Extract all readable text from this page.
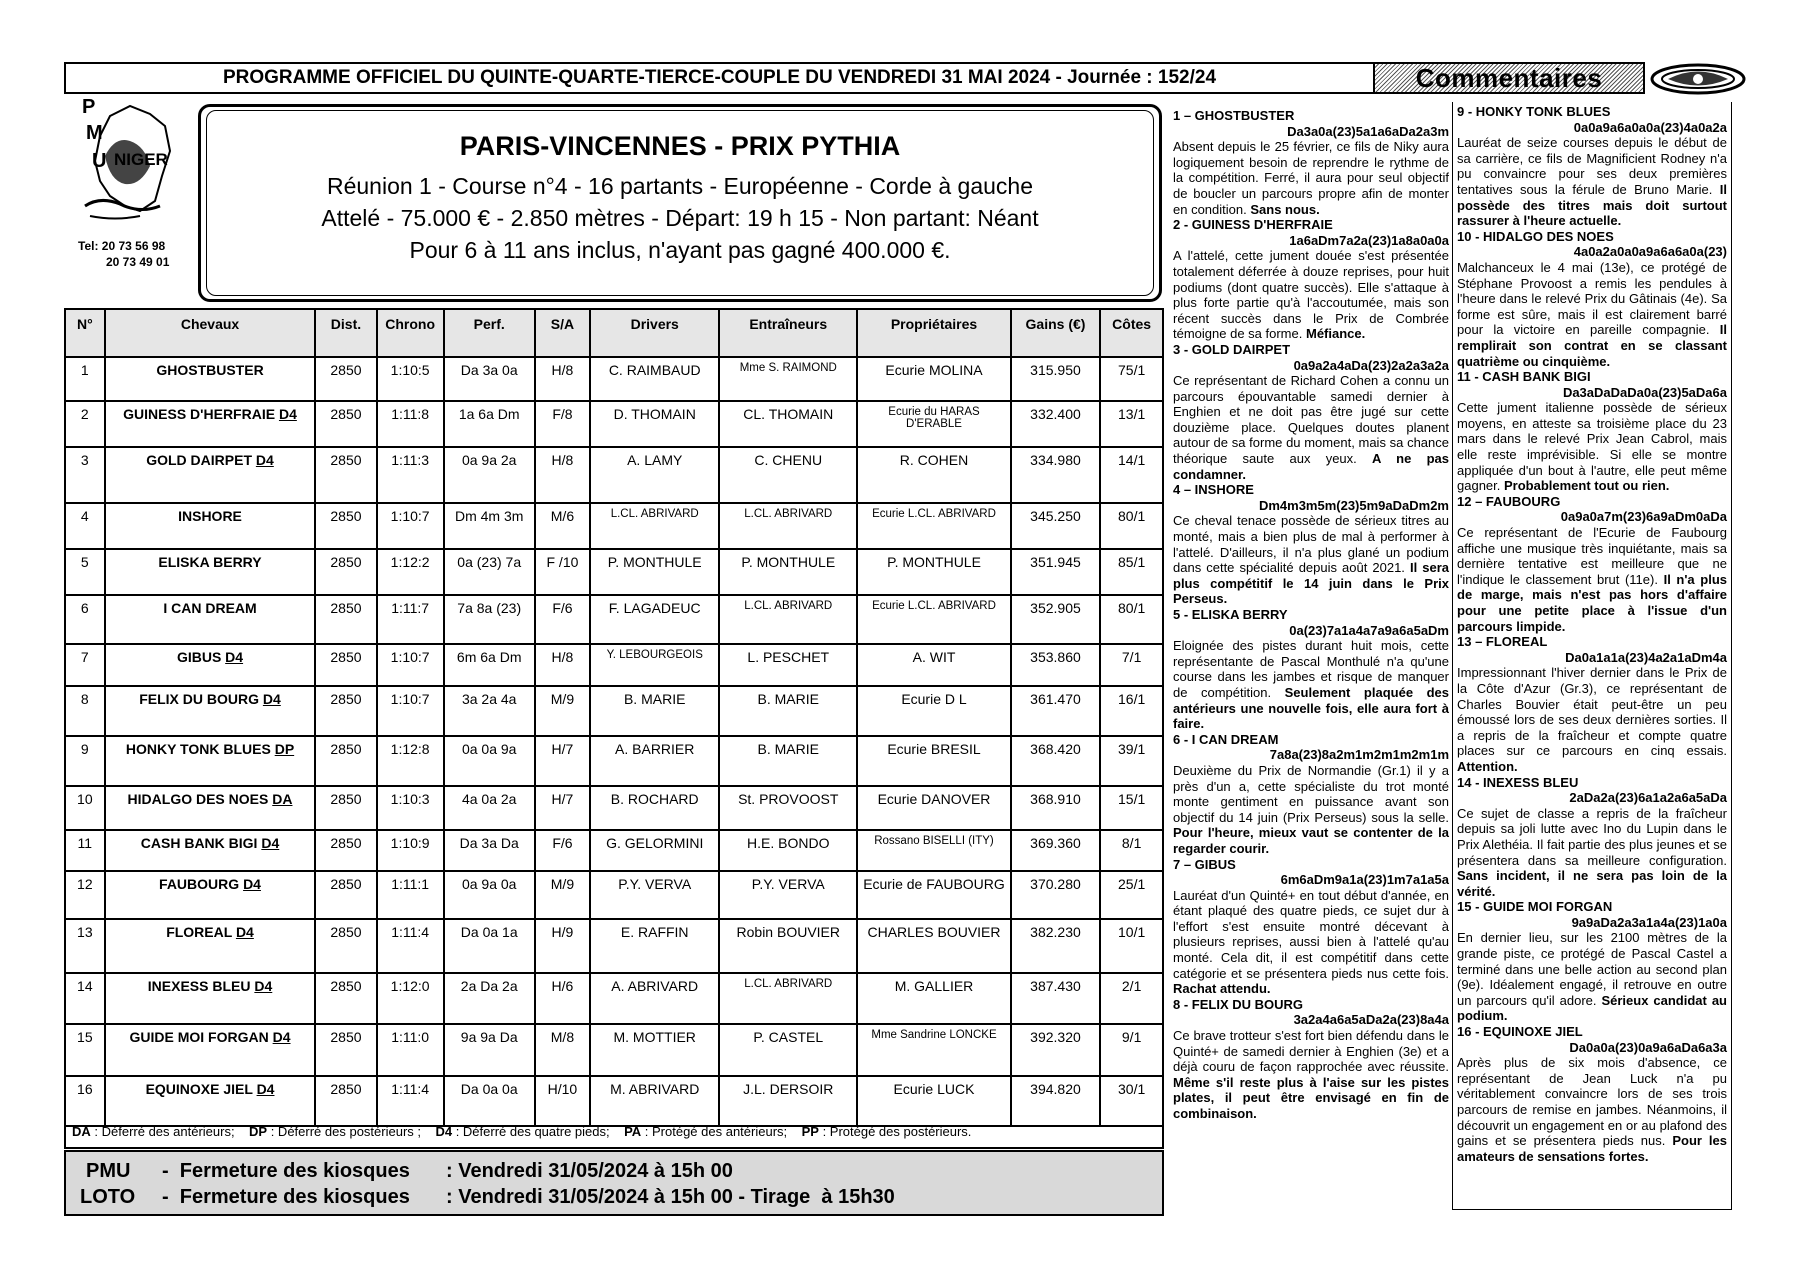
PROGRAMME OFFICIEL DU QUINTE-QUARTE-TIERCE-COUPLE DU VENDREDI 31 MAI 2024 - Journée : 152/24	Commentaires
P
M
U NIGER
Tel: 20 73 56 98
20 73 49 01
PARIS-VINCENNES - PRIX PYTHIA
Réunion 1 - Course n°4 - 16 partants - Européenne - Corde à gauche
Attelé - 75.000 € - 2.850 mètres - Départ: 19 h 15 - Non partant: Néant
Pour 6 à 11 ans inclus, n'ayant pas gagné 400.000 €.
N°	Chevaux	Dist.	Chrono	Perf.	S/A	Drivers	Entraîneurs	Propriétaires	Gains (€)	Côtes
1	GHOSTBUSTER	2850	1:10:5	Da 3a 0a	H/8	C. RAIMBAUD	Mme S. RAIMOND	Ecurie MOLINA	315.950	75/1
2	GUINESS D'HERFRAIE D4	2850	1:11:8	1a 6a Dm	F/8	D. THOMAIN	CL. THOMAIN	Ecurie du HARAS D'ERABLE	332.400	13/1
3	GOLD DAIRPET D4	2850	1:11:3	0a 9a 2a	H/8	A. LAMY	C. CHENU	R. COHEN	334.980	14/1
4	INSHORE	2850	1:10:7	Dm 4m 3m	M/6	L.CL. ABRIVARD	L.CL. ABRIVARD	Ecurie L.CL. ABRIVARD	345.250	80/1
5	ELISKA BERRY	2850	1:12:2	0a (23) 7a	F /10	P. MONTHULE	P. MONTHULE	P. MONTHULE	351.945	85/1
6	I CAN DREAM	2850	1:11:7	7a 8a (23)	F/6	F. LAGADEUC	L.CL. ABRIVARD	Ecurie L.CL. ABRIVARD	352.905	80/1
7	GIBUS D4	2850	1:10:7	6m 6a Dm	H/8	Y. LEBOURGEOIS	L. PESCHET	A. WIT	353.860	7/1
8	FELIX DU BOURG D4	2850	1:10:7	3a 2a 4a	M/9	B. MARIE	B. MARIE	Ecurie D L	361.470	16/1
9	HONKY TONK BLUES DP	2850	1:12:8	0a 0a 9a	H/7	A. BARRIER	B. MARIE	Ecurie BRESIL	368.420	39/1
10	HIDALGO DES NOES DA	2850	1:10:3	4a 0a 2a	H/7	B. ROCHARD	St. PROVOOST	Ecurie DANOVER	368.910	15/1
11	CASH BANK BIGI D4	2850	1:10:9	Da 3a Da	F/6	G. GELORMINI	H.E. BONDO	Rossano BISELLI (ITY)	369.360	8/1
12	FAUBOURG D4	2850	1:11:1	0a 9a 0a	M/9	P.Y. VERVA	P.Y. VERVA	Ecurie de FAUBOURG	370.280	25/1
13	FLOREAL D4	2850	1:11:4	Da 0a 1a	H/9	E. RAFFIN	Robin BOUVIER	CHARLES BOUVIER	382.230	10/1
14	INEXESS BLEU D4	2850	1:12:0	2a Da 2a	H/6	A. ABRIVARD	L.CL. ABRIVARD	M. GALLIER	387.430	2/1
15	GUIDE MOI FORGAN D4	2850	1:11:0	9a 9a Da	M/8	M. MOTTIER	P. CASTEL	Mme Sandrine LONCKE	392.320	9/1
16	EQUINOXE JIEL D4	2850	1:11:4	Da 0a 0a	H/10	M. ABRIVARD	J.L. DERSOIR	Ecurie LUCK	394.820	30/1
DA : Déferré des antérieurs; DP : Déferré des postérieurs ; D4 : Déferré des quatre pieds; PA : Protégé des antérieurs; PP : Protégé des postérieurs.
PMU -  Fermeture des kiosques : Vendredi 31/05/2024 à 15h 00
LOTO -  Fermeture des kiosques : Vendredi 31/05/2024 à 15h 00 - Tirage  à 15h30
1 – GHOSTBUSTER
Da3a0a(23)5a1a6aDa2a3m
Absent depuis le 25 février, ce fils de Niky aura logiquement besoin de reprendre le rythme de la compétition. Ferré, il aura pour seul objectif de boucler un parcours propre afin de monter en condition. Sans nous.
2 - GUINESS D'HERFRAIE
1a6aDm7a2a(23)1a8a0a0a
A l'attelé, cette jument douée s'est présentée totalement déferrée à douze reprises, pour huit podiums (dont quatre succès). Elle s'attaque à plus forte partie qu'à l'accoutumée, mais son récent succès dans le Prix de Combrée témoigne de sa forme. Méfiance.
3 - GOLD DAIRPET
0a9a2a4aDa(23)2a2a3a2a
Ce représentant de Richard Cohen a connu un parcours épouvantable samedi dernier à Enghien et ne doit pas être jugé sur cette douzième place. Quelques doutes planent autour de sa forme du moment, mais sa chance théorique saute aux yeux. A ne pas condamner.
4 – INSHORE
Dm4m3m5m(23)5m9aDaDm2m
Ce cheval tenace possède de sérieux titres au monté, mais a bien plus de mal à performer à l'attelé. D'ailleurs, il n'a plus glané un podium dans cette spécialité depuis août 2021. Il sera plus compétitif le 14 juin dans le Prix Perseus.
5 - ELISKA BERRY
0a(23)7a1a4a7a9a6a5aDm
Eloignée des pistes durant huit mois, cette représentante de Pascal Monthulé n'a qu'une course dans les jambes et risque de manquer de compétition. Seulement plaquée des antérieurs une nouvelle fois, elle aura fort à faire.
6 - I CAN DREAM
7a8a(23)8a2m1m2m1m2m1m
Deuxième du Prix de Normandie (Gr.1) il y a près d'un a, cette spécialiste du trot monté monte gentiment en puissance avant son objectif du 14 juin (Prix Perseus) sous la selle. Pour l'heure, mieux vaut se contenter de la regarder courir.
7 – GIBUS
6m6aDm9a1a(23)1m7a1a5a
Lauréat d'un Quinté+ en tout début d'année, en étant plaqué des quatre pieds, ce sujet dur à l'effort s'est ensuite montré décevant à plusieurs reprises, aussi bien à l'attelé qu'au monté. Cela dit, il est compétitif dans cette catégorie et se présentera pieds nus cette fois. Rachat attendu.
8 - FELIX DU BOURG
3a2a4a6a5aDa2a(23)8a4a
Ce brave trotteur s'est fort bien défendu dans le Quinté+ de samedi dernier à Enghien (3e) et a déjà couru de façon rapprochée avec réussite. Même s'il reste plus à l'aise sur les pistes plates, il peut être envisagé en fin de combinaison.
9 - HONKY TONK BLUES
0a0a9a6a0a0a(23)4a0a2a
Lauréat de seize courses depuis le début de sa carrière, ce fils de Magnificient Rodney n'a pu convaincre pour ses deux premières tentatives sous la férule de Bruno Marie. Il possède des titres mais doit surtout rassurer à l'heure actuelle.
10 - HIDALGO DES NOES
4a0a2a0a0a9a6a6a0a(23)
Malchanceux le 4 mai (13e), ce protégé de Stéphane Provoost a remis les pendules à l'heure dans le relevé Prix du Gâtinais (4e). Sa forme est sûre, mais il est clairement barré pour la victoire en pareille compagnie. Il remplirait son contrat en se classant quatrième ou cinquième.
11 - CASH BANK BIGI
Da3aDaDaDa0a(23)5aDa6a
Cette jument italienne possède de sérieux moyens, en atteste sa troisième place du 23 mars dans le relevé Prix Jean Cabrol, mais elle reste imprévisible. Si elle se montre appliquée d'un bout à l'autre, elle peut même gagner. Probablement tout ou rien.
12 – FAUBOURG
0a9a0a7m(23)6a9aDm0aDa
Ce représentant de l'Ecurie de Faubourg affiche une musique très inquiétante, mais sa dernière tentative est meilleure que ne l'indique le classement brut (11e). Il n'a plus de marge, mais n'est pas hors d'affaire pour une petite place à l'issue d'un parcours limpide.
13 – FLOREAL
Da0a1a1a(23)4a2a1aDm4a
Impressionnant l'hiver dernier dans le Prix de la Côte d'Azur (Gr.3), ce représentant de Charles Bouvier était peut-être un peu émoussé lors de ses deux dernières sorties. Il a repris de la fraîcheur et compte quatre places sur ce parcours en cinq essais. Attention.
14 - INEXESS BLEU
2aDa2a(23)6a1a2a6a5aDa
Ce sujet de classe a repris de la fraîcheur depuis sa joli lutte avec Ino du Lupin dans le Prix Alethéia. Il fait partie des plus jeunes et se présentera dans sa meilleure configuration. Sans incident, il ne sera pas loin de la vérité.
15 - GUIDE MOI FORGAN
9a9aDa2a3a1a4a(23)1a0a
En dernier lieu, sur les 2100 mètres de la grande piste, ce protégé de Pascal Castel a terminé dans une belle action au second plan (9e). Idéalement engagé, il retrouve en outre un parcours qu'il adore. Sérieux candidat au podium.
16 - EQUINOXE JIEL
Da0a0a(23)0a9a6aDa6a3a
Après plus de six mois d'absence, ce représentant de Jean Luck n'a pu véritablement convaincre lors de ses trois parcours de remise en jambes. Néanmoins, il découvrit un engagement en or au plafond des gains et se présentera pieds nus. Pour les amateurs de sensations fortes.
